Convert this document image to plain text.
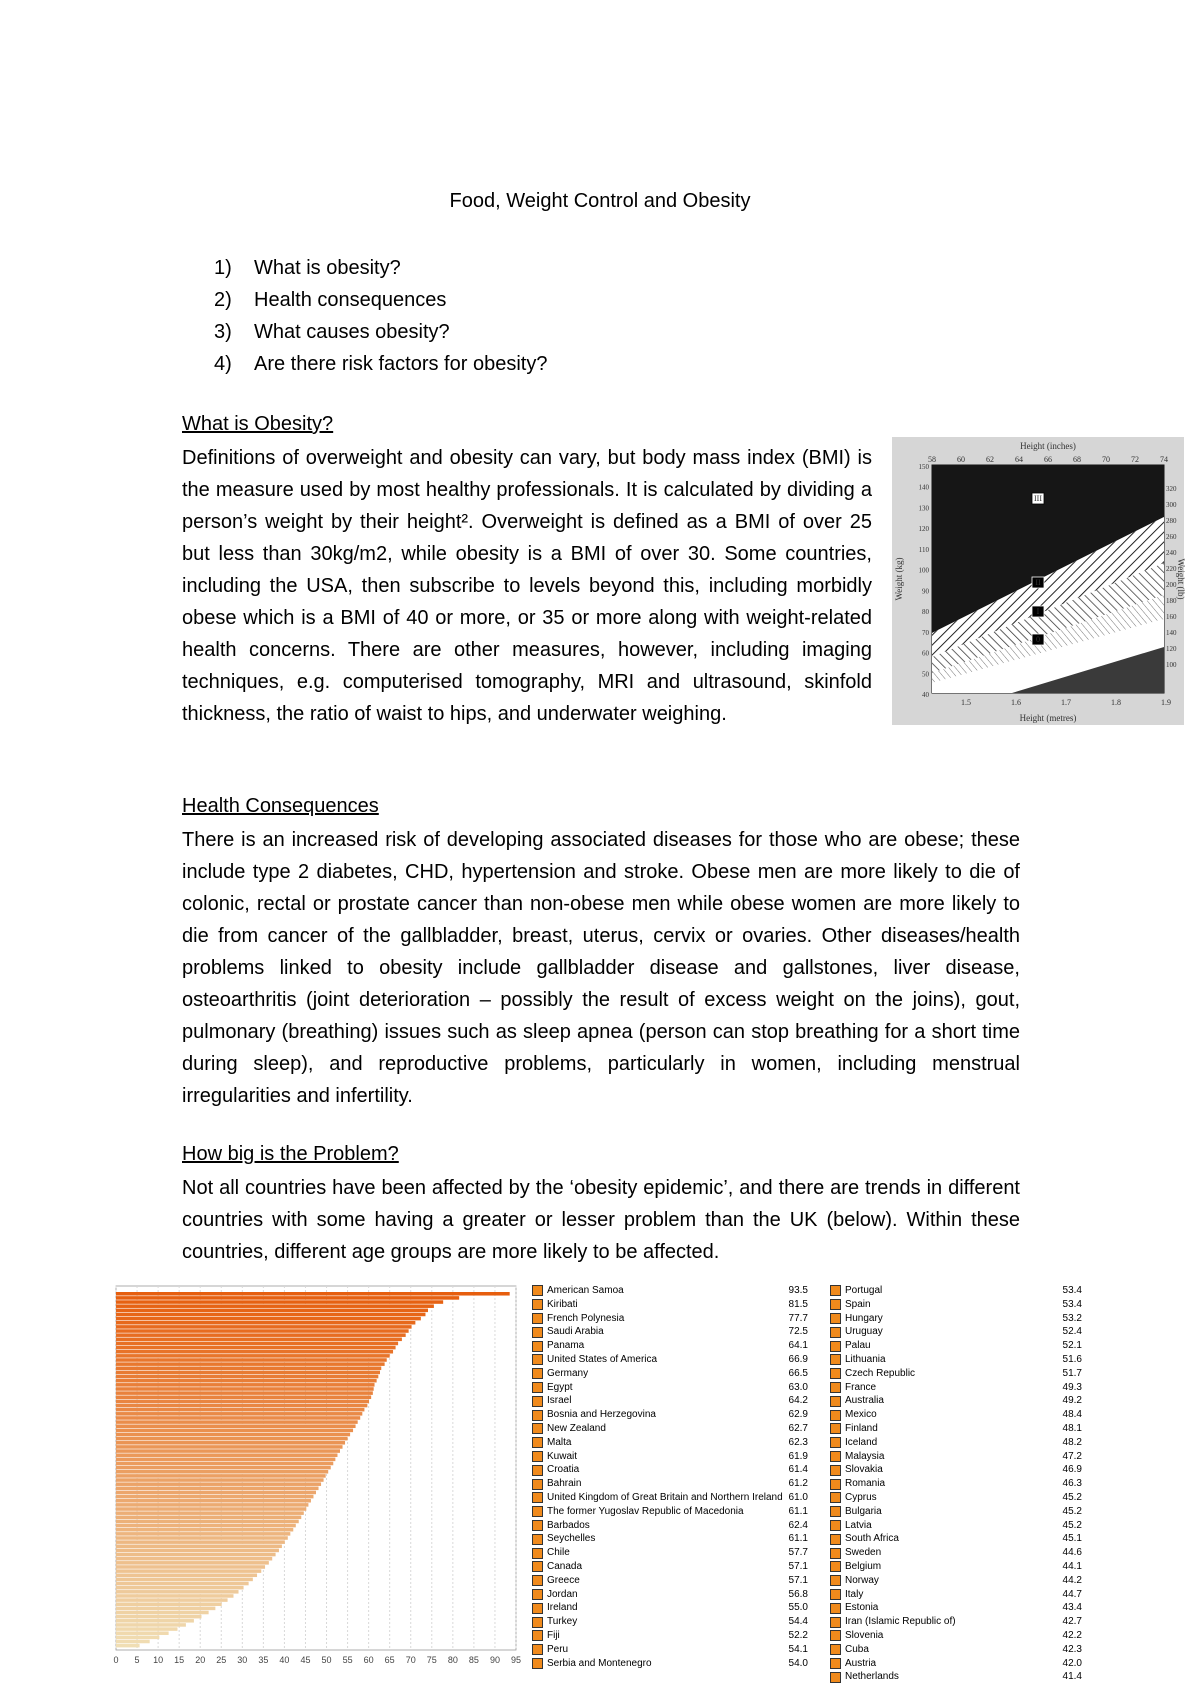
Food, Weight Control and Obesity
1)	What is obesity?
2)	Health consequences
3)	What causes obesity?
4)	Are there risk factors for obesity?
What is Obesity?

Definitions of overweight and obesity can vary, but body mass index (BMI) is the measure used by most healthy professionals. It is calculated by dividing a person’s weight by their height². Overweight is defined as a BMI of over 25 but less than 30kg/m2, while obesity is a BMI of over 30. Some countries, including the USA, then subscribe to levels beyond this, including morbidly obese which is a BMI of 40 or more, or 35 or more along with weight-related health concerns. There are other measures, however, including imaging techniques, e.g. computerised tomography, MRI and ultrasound, skinfold thickness, the ratio of waist to hips, and underwater weighing.

Height (inches)
Height (metres)
Weight (kg)	Weight (lb)
58	60	62	64	66	68	70	72	74
1.5	1.6	1.7	1.8	1.9
150
140
130
120
110
100
90
80
70
60
50
40
320
300
280
260
240
220
200
180
160
140
120
100
III
II
I
0
Health Consequences

There is an increased risk of developing associated diseases for those who are obese; these include type 2 diabetes, CHD, hypertension and stroke. Obese men are more likely to die of colonic, rectal or prostate cancer than non-obese men while obese women are more likely to die from cancer of the gallbladder, breast, uterus, cervix or ovaries. Other diseases/health problems linked to obesity include gallbladder disease and gallstones, liver disease, osteoarthritis (joint deterioration – possibly the result of excess weight on the joins), gout, pulmonary (breathing) issues such as sleep apnea (person can stop breathing for a short time during sleep), and reproductive problems, particularly in women, including menstrual irregularities and infertility.

How big is the Problem?

Not all countries have been affected by the ‘obesity epidemic’, and there are trends in different countries with some having a greater or lesser problem than the UK (below). Within these countries, different age groups are more likely to be affected.

0 5 10 15 20 25 30 35 40 45 50 55 60 65 70 75 80 85 90 95
American Samoa	93.5
Kiribati	81.5
French Polynesia	77.7
Saudi Arabia	72.5
Panama	64.1
United States of America	66.9
Germany	66.5
Egypt	63.0
Israel	64.2
Bosnia and Herzegovina	62.9
New Zealand	62.7
Malta	62.3
Kuwait	61.9
Croatia	61.4
Bahrain	61.2
United Kingdom of Great Britain and Northern Ireland 61.0
The former Yugoslav Republic of Macedonia	61.1
Barbados	62.4
Seychelles	61.1
Chile	57.7
Canada	57.1
Greece	57.1
Jordan	56.8
Ireland	55.0
Turkey	54.4
Fiji	52.2
Peru	54.1
Serbia and Montenegro	54.0
Portugal	53.4
Spain	53.4
Hungary	53.2
Uruguay	52.4
Palau	52.1
Lithuania	51.6
Czech Republic	51.7
France	49.3
Australia	49.2
Mexico	48.4
Finland	48.1
Iceland	48.2
Malaysia	47.2
Slovakia	46.9
Romania	46.3
Cyprus	45.2
Bulgaria	45.2
Latvia	45.2
South Africa	45.1
Sweden	44.6
Belgium	44.1
Norway	44.2
Italy	44.7
Estonia	43.4
Iran (Islamic Republic of)	42.7
Slovenia	42.2
Cuba	42.3
Austria	42.0
Netherlands	41.4
